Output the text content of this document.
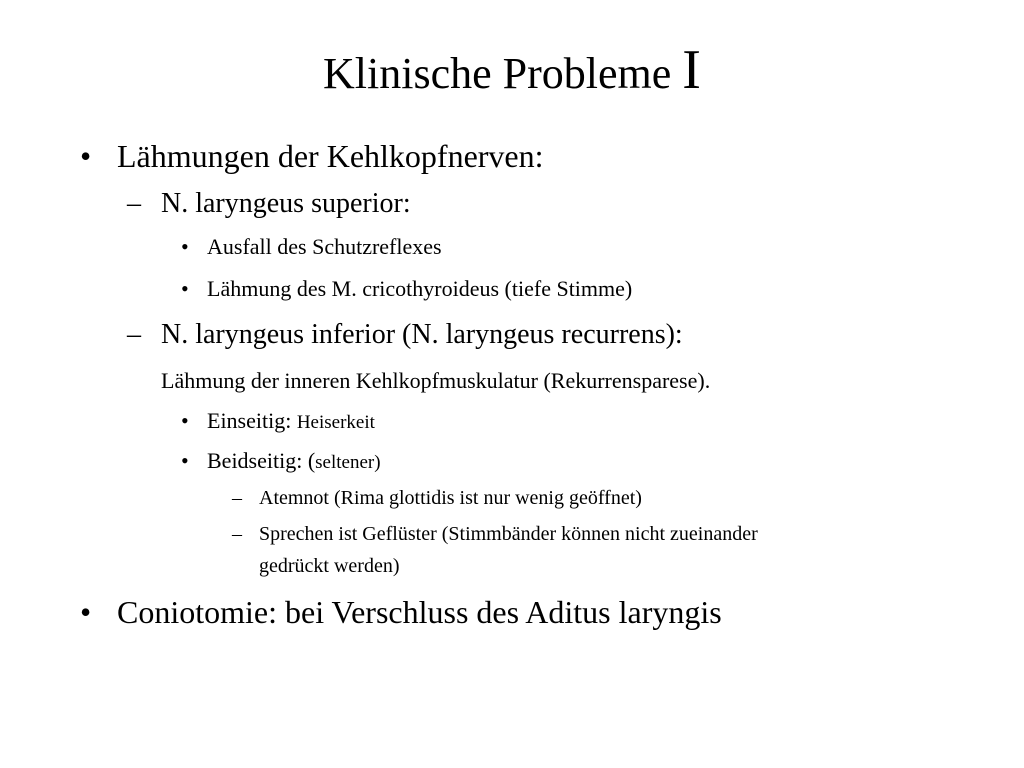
Klinische Probleme I
• Lähmungen der Kehlkopfnerven:
– N. laryngeus superior:
• Ausfall des Schutzreflexes
• Lähmung des M. cricothyroideus (tiefe Stimme)
– N. laryngeus inferior (N. laryngeus recurrens):
Lähmung der inneren Kehlkopfmuskulatur (Rekurrensparese).
• Einseitig: Heiserkeit
• Beidseitig: (seltener)
– Atemnot (Rima glottidis ist nur wenig geöffnet)
– Sprechen ist Geflüster (Stimmbänder können nicht zueinander
gedrückt werden)
• Coniotomie: bei Verschluss des Aditus laryngis
